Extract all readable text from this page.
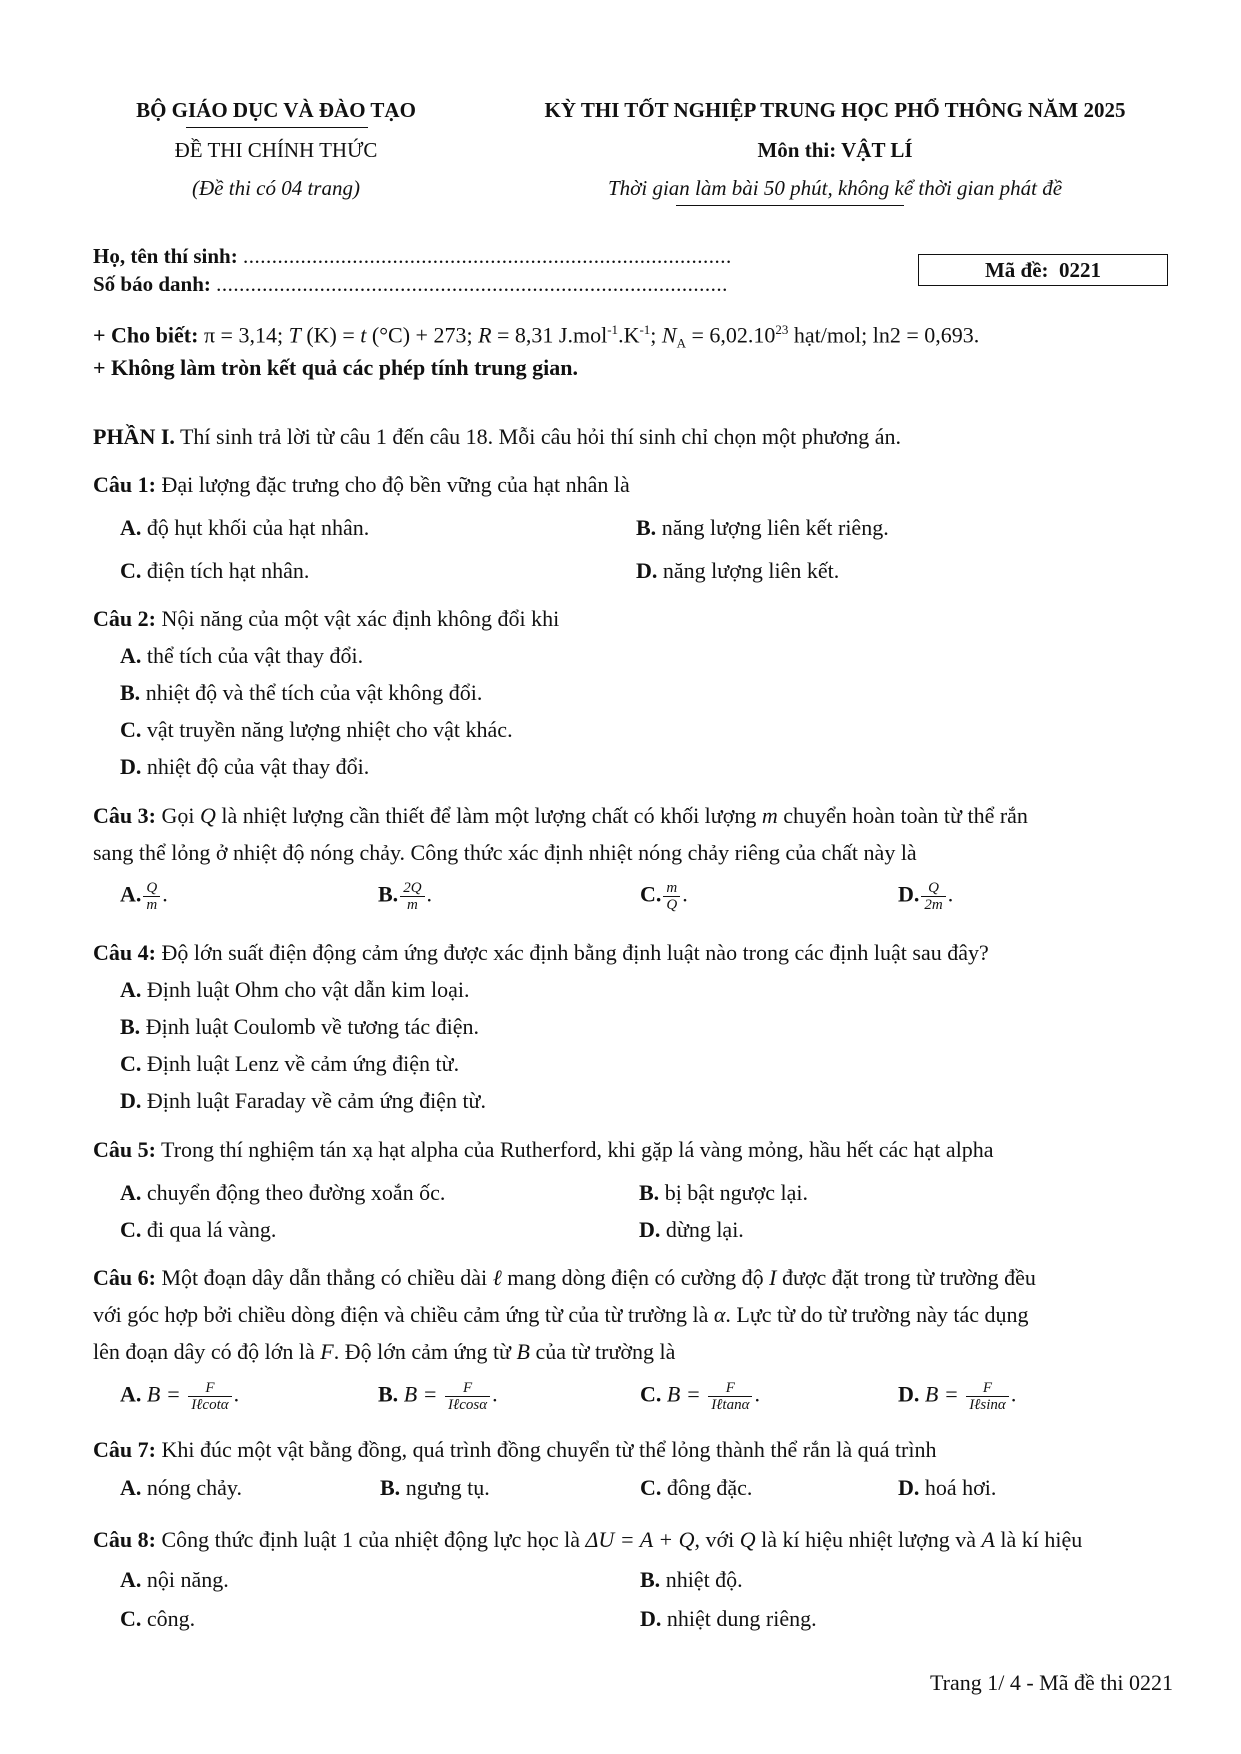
BỘ GIÁO DỤC VÀ ĐÀO TẠO
ĐỀ THI CHÍNH THỨC
(Đề thi có 04 trang)
KỲ THI TỐT NGHIỆP TRUNG HỌC PHỔ THÔNG NĂM 2025
Môn thi: VẬT LÍ
Thời gian làm bài 50 phút, không kể thời gian phát đề
Họ, tên thí sinh: .....................................................................................
Số báo danh: .........................................................................................
Mã đề: 0221
+ Cho biết: π = 3,14; T (K) = t (°C) + 273; R = 8,31 $J.mol^{-1}.K^{-1}$; $N_A = 6,02.10^{23}$ hạt/mol; ln2 = 0,693.
+ Không làm tròn kết quả các phép tính trung gian.
PHẦN I. Thí sinh trả lời từ câu 1 đến câu 18. Mỗi câu hỏi thí sinh chỉ chọn một phương án.
Câu 1: Đại lượng đặc trưng cho độ bền vững của hạt nhân là
A. độ hụt khối của hạt nhân.	B. năng lượng liên kết riêng.
C. điện tích hạt nhân.	D. năng lượng liên kết.
Câu 2: Nội năng của một vật xác định không đổi khi
A. thể tích của vật thay đổi.
B. nhiệt độ và thể tích của vật không đổi.
C. vật truyền năng lượng nhiệt cho vật khác.
D. nhiệt độ của vật thay đổi.
Câu 3: Gọi Q là nhiệt lượng cần thiết để làm một lượng chất có khối lượng m chuyển hoàn toàn từ thể rắn
sang thể lỏng ở nhiệt độ nóng chảy. Công thức xác định nhiệt nóng chảy riêng của chất này là
A. $\frac{Q}{m}$ .	B. $\frac{2Q}{m}$ .	C. $\frac{m}{Q}$ .	D. $\frac{Q}{2m}$ .
Câu 4: Độ lớn suất điện động cảm ứng được xác định bằng định luật nào trong các định luật sau đây?
A. Định luật Ohm cho vật dẫn kim loại.
B. Định luật Coulomb về tương tác điện.
C. Định luật Lenz về cảm ứng điện từ.
D. Định luật Faraday về cảm ứng điện từ.
Câu 5: Trong thí nghiệm tán xạ hạt alpha của Rutherford, khi gặp lá vàng mỏng, hầu hết các hạt alpha
A. chuyển động theo đường xoắn ốc.	B. bị bật ngược lại.
C. đi qua lá vàng.	D. dừng lại.
Câu 6: Một đoạn dây dẫn thẳng có chiều dài ℓ mang dòng điện có cường độ I được đặt trong từ trường đều
với góc hợp bởi chiều dòng điện và chiều cảm ứng từ của từ trường là α. Lực từ do từ trường này tác dụng
lên đoạn dây có độ lớn là F. Độ lớn cảm ứng từ B của từ trường là
A. $B = \frac{F}{\text{Iℓcotα}}$ .	B. $B = \frac{F}{\text{Iℓcosα}}$ .	C. $B = \frac{F}{\text{Iℓtanα}}$ .	D. $B = \frac{F}{\text{Iℓsinα}}$ .
Câu 7: Khi đúc một vật bằng đồng, quá trình đồng chuyển từ thể lỏng thành thể rắn là quá trình
A. nóng chảy.	B. ngưng tụ.	C. đông đặc.	D. hoá hơi.
Câu 8: Công thức định luật 1 của nhiệt động lực học là ΔU = A + Q, với Q là kí hiệu nhiệt lượng và A là kí hiệu
A. nội năng.	B. nhiệt độ.
C. công.	D. nhiệt dung riêng.
Trang 1/ 4 - Mã đề thi 0221
